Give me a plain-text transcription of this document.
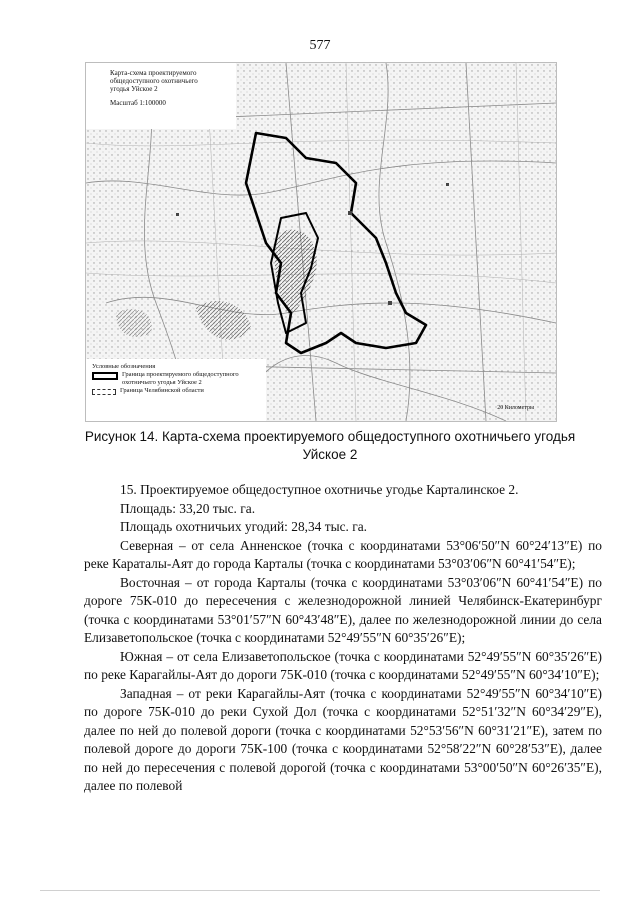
577
Карта-схема проектируемого
общедоступного охотничьего
угодья Уйское 2
Масштаб 1:100000
Условные обозначения
Граница проектируемого общедоступного охотничьего угодья Уйское 2
Граница Челябинской области
20 Километры
Рисунок 14. Карта-схема проектируемого общедоступного охотничьего угодья
Уйское 2

15. Проектируемое общедоступное охотничье угодье Карталинское 2.

Площадь: 33,20 тыс. га.

Площадь охотничьих угодий: 28,34 тыс. га.

Северная – от села Анненское (точка с координатами 53°06′50″N 60°24′13″E) по реке Караталы-Аят до города Карталы (точка с координатами 53°03′06″N 60°41′54″E);

Восточная – от города Карталы (точка с координатами 53°03′06″N 60°41′54″E) по дороге 75К-010 до пересечения с железнодорожной линией Челябинск-Екатеринбург (точка с координатами 53°01′57″N 60°43′48″E), далее по железнодорожной линии до села Елизаветопольское (точка с координатами 52°49′55″N 60°35′26″E);

Южная – от села Елизаветопольское (точка с координатами 52°49′55″N 60°35′26″E) по реке Карагайлы-Аят до дороги 75К-010 (точка с координатами 52°49′55″N 60°34′10″E);

Западная – от реки Карагайлы-Аят (точка с координатами 52°49′55″N 60°34′10″E) по дороге 75К-010 до реки Сухой Дол (точка с координатами 52°51′32″N 60°34′29″E), далее по ней до полевой дороги (точка с координатами 52°53′56″N 60°31′21″E), затем по полевой дороге до дороги 75К-100 (точка с координатами 52°58′22″N 60°28′53″E), далее по ней до пересечения с полевой дорогой (точка с координатами 53°00′50″N 60°26′35″E), далее по полевой
